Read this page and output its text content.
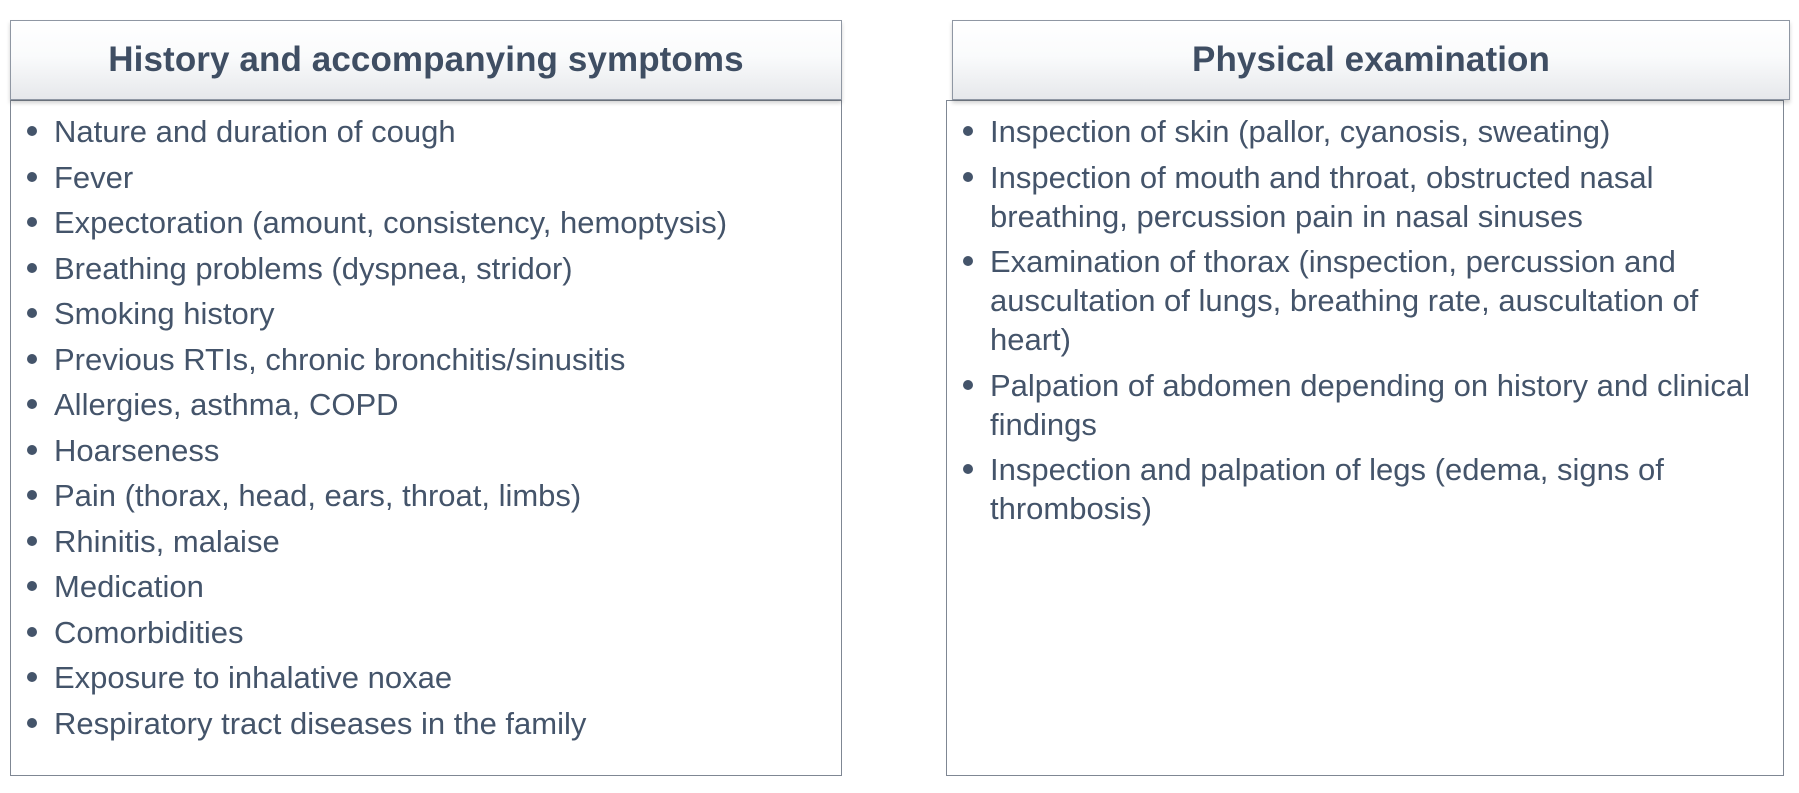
History and accompanying symptoms
Nature and duration of cough
Fever
Expectoration (amount, consistency, hemoptysis)
Breathing problems (dyspnea, stridor)
Smoking history
Previous RTIs, chronic bronchitis/sinusitis
Allergies, asthma, COPD
Hoarseness
Pain (thorax, head, ears, throat, limbs)
Rhinitis, malaise
Medication
Comorbidities
Exposure to inhalative noxae
Respiratory tract diseases in the family
Physical examination
Inspection of skin (pallor, cyanosis, sweating)
Inspection of mouth and throat, obstructed nasal breathing, percussion pain in nasal sinuses
Examination of thorax (inspection, percussion and auscultation of lungs, breathing rate, auscultation of heart)
Palpation of abdomen depending on history and clinical findings
Inspection and palpation of legs (edema, signs of thrombosis)
